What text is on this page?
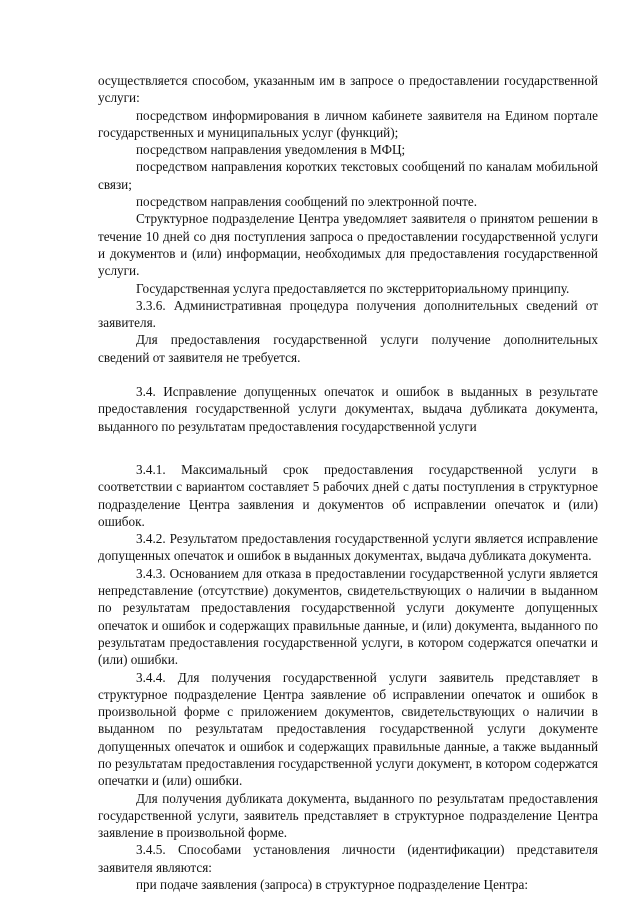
осуществляется способом, указанным им в запросе о предоставлении государственной услуги:

посредством информирования в личном кабинете заявителя на Едином портале государственных и муниципальных услуг (функций);

посредством направления уведомления в МФЦ;

посредством направления коротких текстовых сообщений по каналам мобильной связи;

посредством направления сообщений по электронной почте.

Структурное подразделение Центра уведомляет заявителя о принятом решении в течение 10 дней со дня поступления запроса о предоставлении государственной услуги и документов и (или) информации, необходимых для предоставления государственной услуги.

Государственная услуга предоставляется по экстерриториальному принципу.

3.3.6. Административная процедура получения дополнительных сведений от заявителя.

Для предоставления государственной услуги получение дополнительных сведений от заявителя не требуется.

3.4. Исправление допущенных опечаток и ошибок в выданных в результате предоставления государственной услуги документах, выдача дубликата документа, выданного по результатам предоставления государственной услуги

3.4.1. Максимальный срок предоставления государственной услуги в соответствии с вариантом составляет 5 рабочих дней с даты поступления в структурное подразделение Центра заявления и документов об исправлении опечаток и (или) ошибок.

3.4.2. Результатом предоставления государственной услуги является исправление допущенных опечаток и ошибок в выданных документах, выдача дубликата документа.

3.4.3. Основанием для отказа в предоставлении государственной услуги является непредставление (отсутствие) документов, свидетельствующих о наличии в выданном по результатам предоставления государственной услуги документе допущенных опечаток и ошибок и содержащих правильные данные, и (или) документа, выданного по результатам предоставления государственной услуги, в котором содержатся опечатки и (или) ошибки.

3.4.4. Для получения государственной услуги заявитель представляет в структурное подразделение Центра заявление об исправлении опечаток и ошибок в произвольной форме с приложением документов, свидетельствующих о наличии в выданном по результатам предоставления государственной услуги документе допущенных опечаток и ошибок и содержащих правильные данные, а также выданный по результатам предоставления государственной услуги документ, в котором содержатся опечатки и (или) ошибки.

Для получения дубликата документа, выданного по результатам предоставления государственной услуги, заявитель представляет в структурное подразделение Центра заявление в произвольной форме.

3.4.5. Способами установления личности (идентификации) представителя заявителя являются:

при подаче заявления (запроса) в структурное подразделение Центра:
